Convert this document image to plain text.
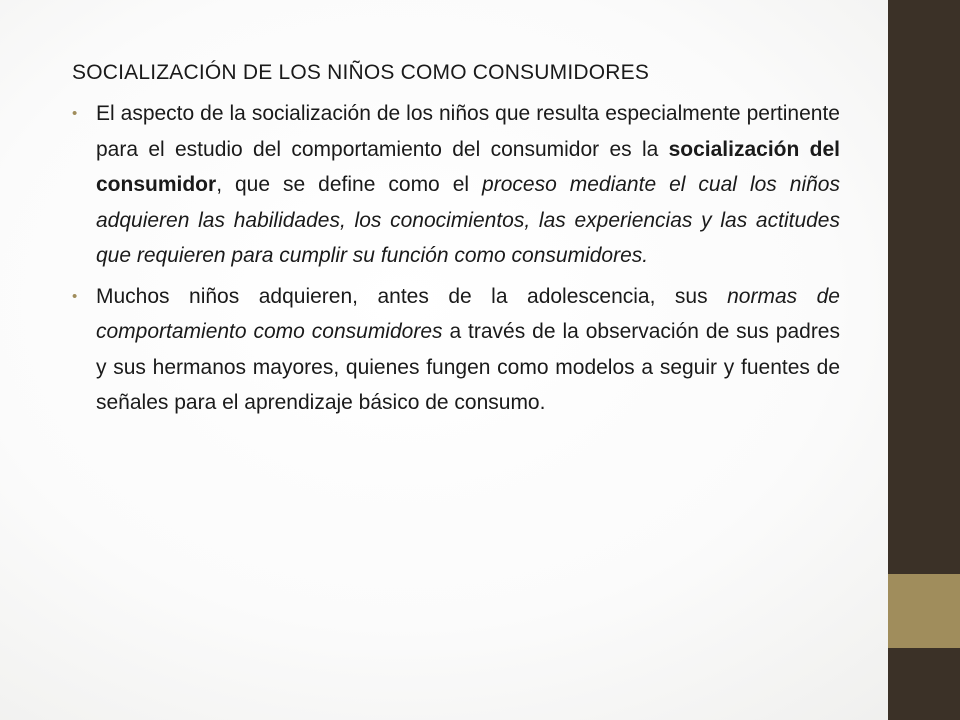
SOCIALIZACIÓN DE LOS NIÑOS COMO CONSUMIDORES
• El aspecto de la socialización de los niños que resulta especialmente pertinente para el estudio del comportamiento del consumidor es la socialización del consumidor, que se define como el proceso mediante el cual los niños adquieren las habilidades, los conocimientos, las experiencias y las actitudes que requieren para cumplir su función como consumidores.
• Muchos niños adquieren, antes de la adolescencia, sus normas de comportamiento como consumidores a través de la observación de sus padres y sus hermanos mayores, quienes fungen como modelos a seguir y fuentes de señales para el aprendizaje básico de consumo.
